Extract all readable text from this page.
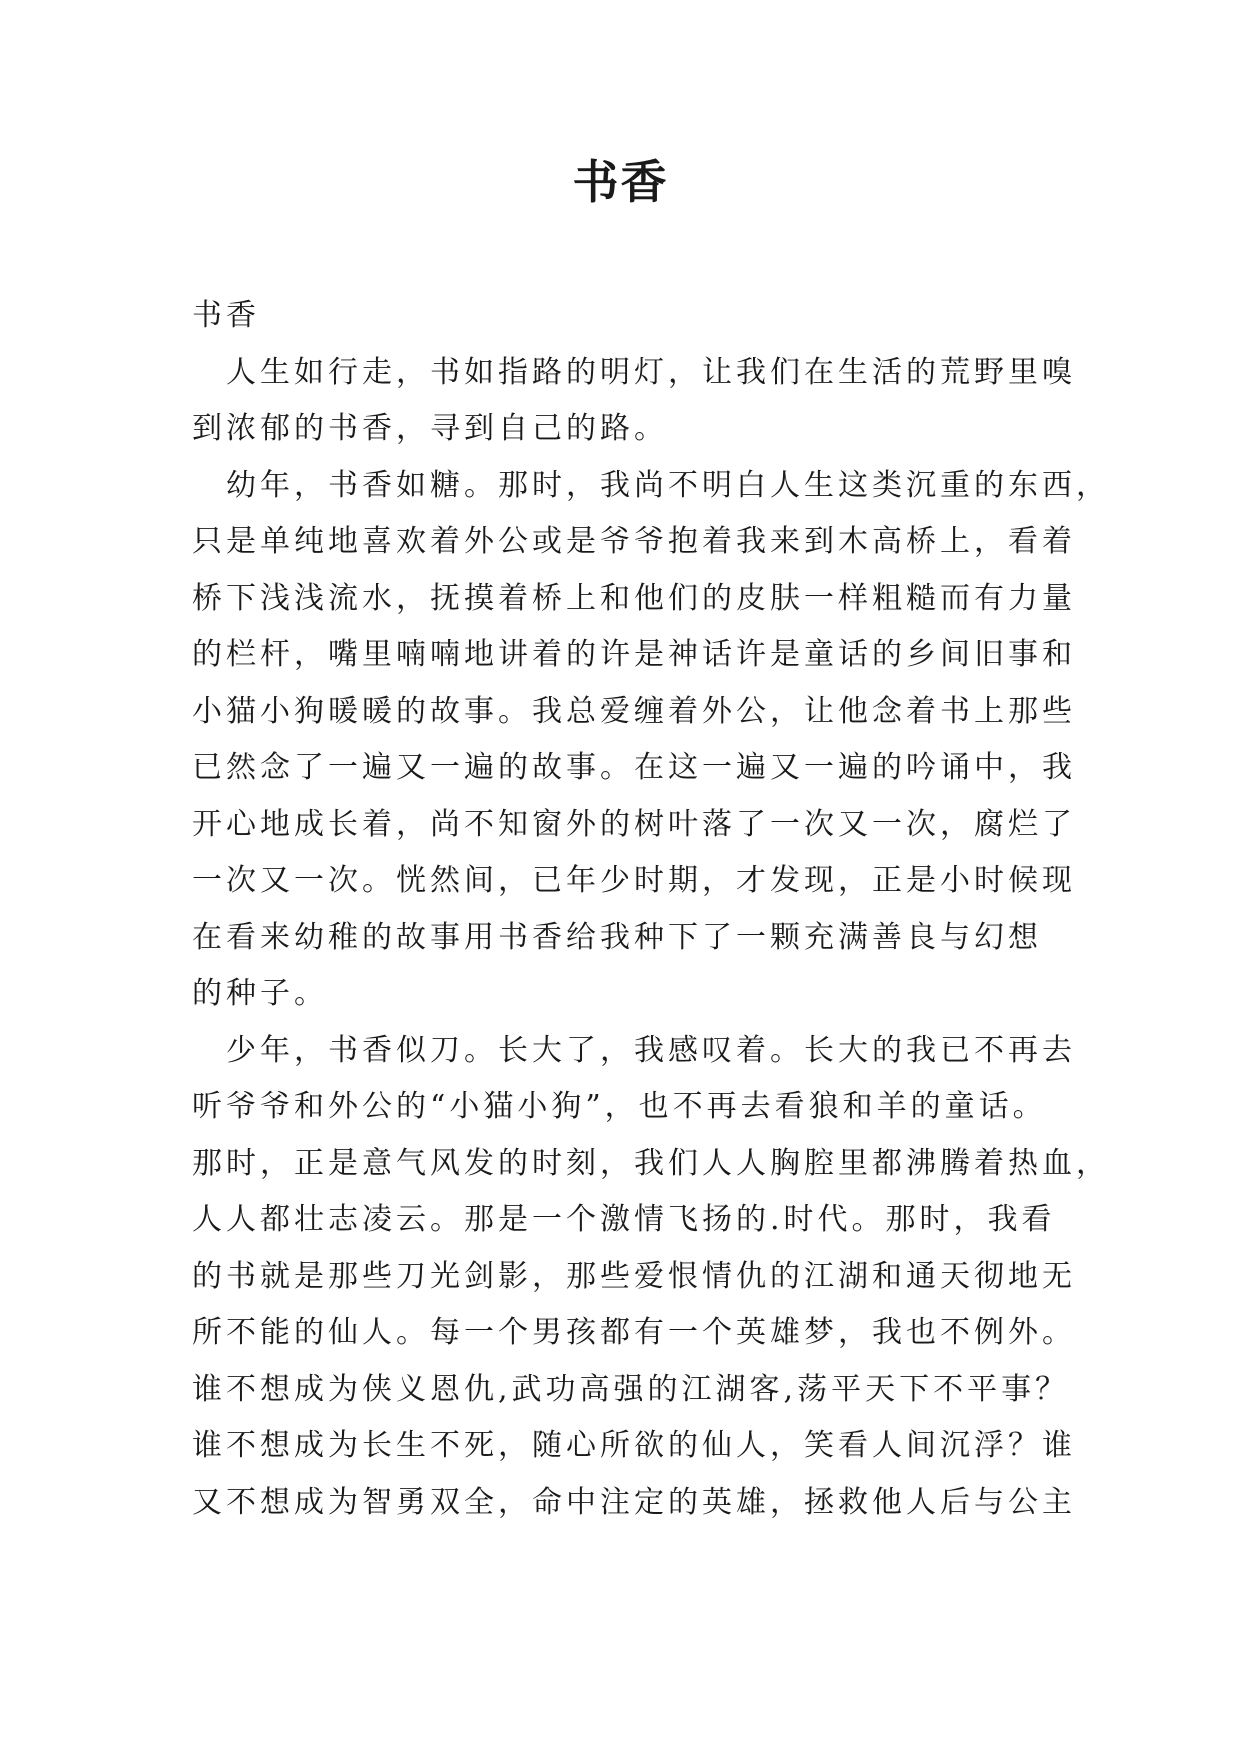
书香
书香
　人生如行走，书如指路的明灯，让我们在生活的荒野里嗅
到浓郁的书香，寻到自己的路。
　幼年，书香如糖。那时，我尚不明白人生这类沉重的东西，
只是单纯地喜欢着外公或是爷爷抱着我来到木高桥上，看着
桥下浅浅流水，抚摸着桥上和他们的皮肤一样粗糙而有力量
的栏杆，嘴里喃喃地讲着的许是神话许是童话的乡间旧事和
小猫小狗暖暖的故事。我总爱缠着外公，让他念着书上那些
已然念了一遍又一遍的故事。在这一遍又一遍的吟诵中，我
开心地成长着，尚不知窗外的树叶落了一次又一次，腐烂了
一次又一次。恍然间，已年少时期，才发现，正是小时候现
在看来幼稚的故事用书香给我种下了一颗充满善良与幻想
的种子。
　少年，书香似刀。长大了，我感叹着。长大的我已不再去
听爷爷和外公的“小猫小狗”，也不再去看狼和羊的童话。
那时，正是意气风发的时刻，我们人人胸腔里都沸腾着热血，
人人都壮志凌云。那是一个激情飞扬的.时代。那时，我看
的书就是那些刀光剑影，那些爱恨情仇的江湖和通天彻地无
所不能的仙人。每一个男孩都有一个英雄梦，我也不例外。
谁不想成为侠义恩仇,武功高强的江湖客,荡平天下不平事？
谁不想成为长生不死，随心所欲的仙人，笑看人间沉浮？谁
又不想成为智勇双全，命中注定的英雄，拯救他人后与公主
